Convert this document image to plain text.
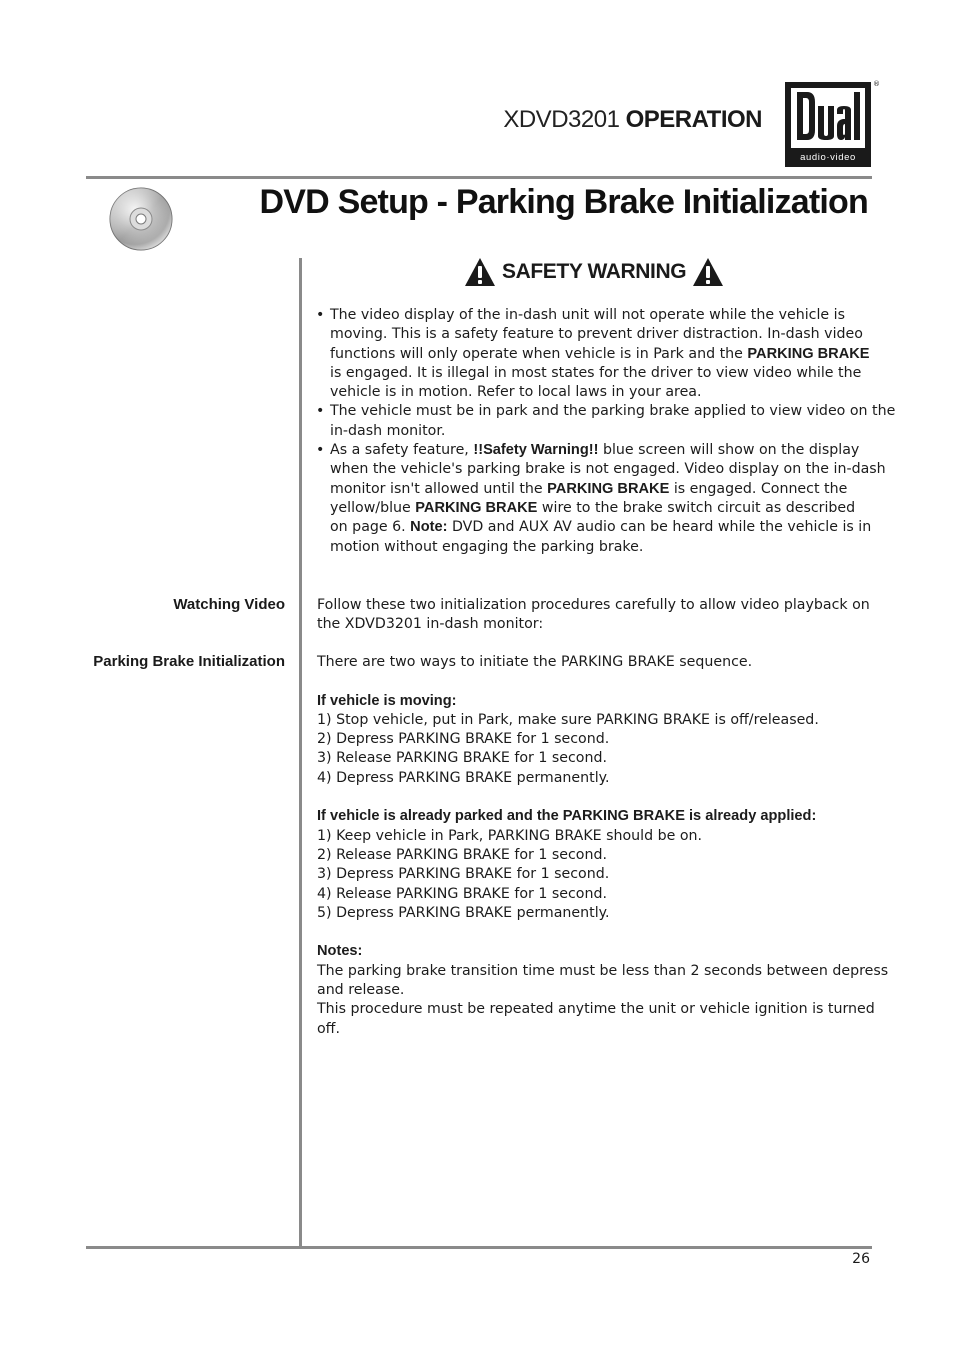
XDVD3201 OPERATION
audio·video
®
DVD Setup - Parking Brake Initialization
SAFETY WARNING
• The video display of the in-dash unit will not operate while the vehicle is
moving. This is a safety feature to prevent driver distraction. In-dash video
functions will only operate when vehicle is in Park and the PARKING BRAKE
is engaged. It is illegal in most states for the driver to view video while the
vehicle is in motion. Refer to local laws in your area.
• The vehicle must be in park and the parking brake applied to view video on the
in-dash monitor.
• As a safety feature, !!Safety Warning!! blue screen will show on the display
when the vehicle's parking brake is not engaged. Video display on the in-dash
monitor isn't allowed until the PARKING BRAKE is engaged. Connect the
yellow/blue PARKING BRAKE wire to the brake switch circuit as described
on page 6. Note: DVD and AUX AV audio can be heard while the vehicle is in
motion without engaging the parking brake.
Watching Video
Parking Brake Initialization
Follow these two initialization procedures carefully to allow video playback on
the XDVD3201 in-dash monitor:
There are two ways to initiate the PARKING BRAKE sequence.
If vehicle is moving:
1) Stop vehicle, put in Park, make sure PARKING BRAKE is off/released.
2) Depress PARKING BRAKE for 1 second.
3) Release PARKING BRAKE for 1 second.
4) Depress PARKING BRAKE permanently.
If vehicle is already parked and the PARKING BRAKE is already applied:
1) Keep vehicle in Park, PARKING BRAKE should be on.
2) Release PARKING BRAKE for 1 second.
3) Depress PARKING BRAKE for 1 second.
4) Release PARKING BRAKE for 1 second.
5) Depress PARKING BRAKE permanently.
Notes:
The parking brake transition time must be less than 2 seconds between depress
and release.
This procedure must be repeated anytime the unit or vehicle ignition is turned
off.
26
